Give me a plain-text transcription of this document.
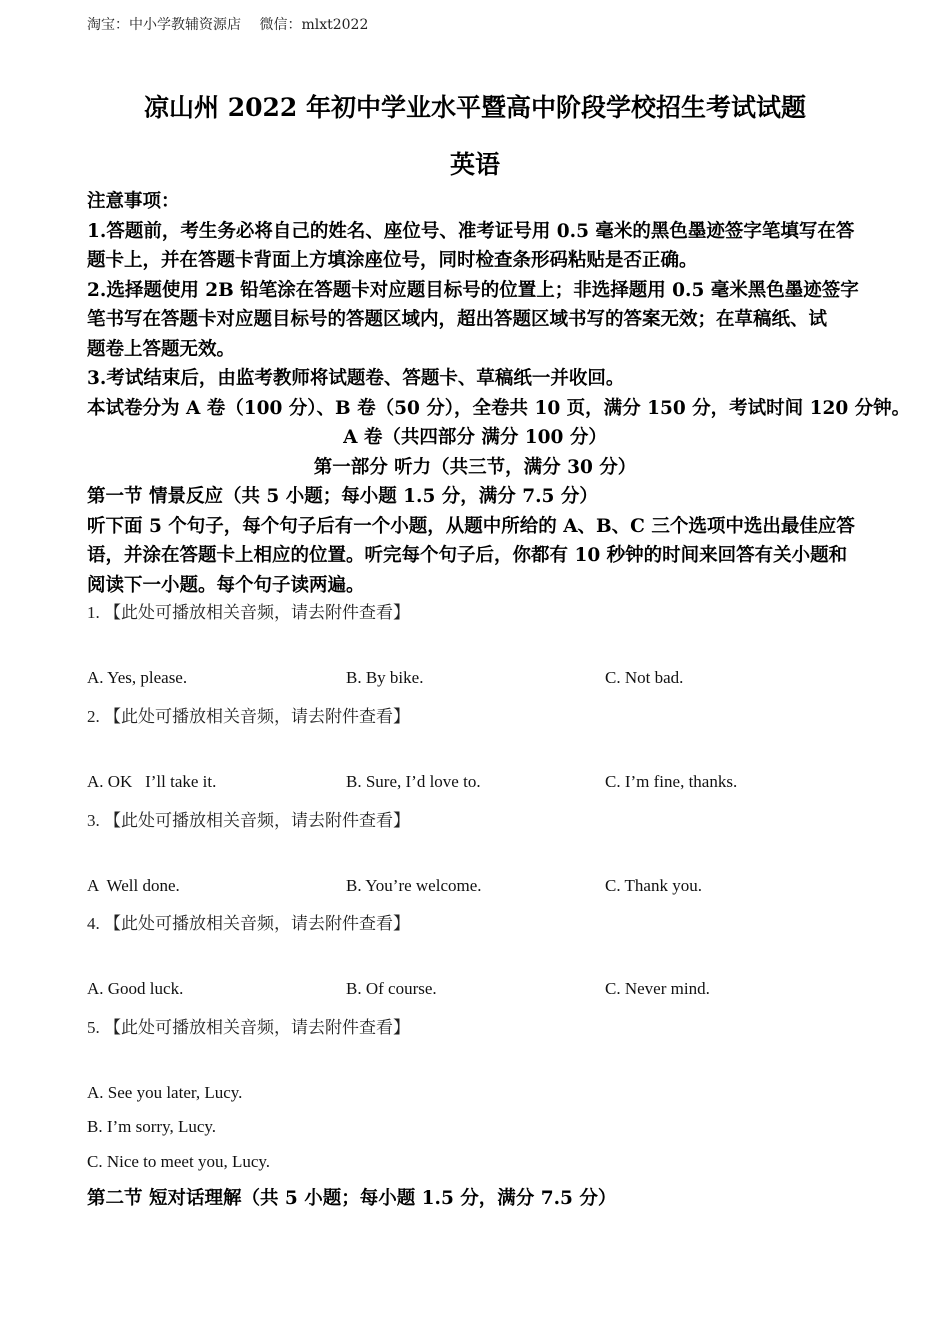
淘宝：中小学教辅资源店 微信：mlxt2022
凉山州 2022 年初中学业水平暨高中阶段学校招生考试试题
英语

注意事项：

1.答题前，考生务必将自己的姓名、座位号、准考证号用 0.5 毫米的黑色墨迹签字笔填写在答

题卡上，并在答题卡背面上方填涂座位号，同时检查条形码粘贴是否正确。

2.选择题使用 2B 铅笔涂在答题卡对应题目标号的位置上；非选择题用 0.5 毫米黑色墨迹签字

笔书写在答题卡对应题目标号的答题区域内，超出答题区域书写的答案无效；在草稿纸、试

题卷上答题无效。

3.考试结束后，由监考教师将试题卷、答题卡、草稿纸一并收回。

本试卷分为 A 卷（100 分）、B 卷（50 分），全卷共 10 页，满分 150 分，考试时间 120 分钟。

A 卷（共四部分 满分 100 分）

第一部分 听力（共三节，满分 30 分）

第一节 情景反应（共 5 小题；每小题 1.5 分，满分 7.5 分）

听下面 5 个句子，每个句子后有一个小题，从题中所给的 A、B、C 三个选项中选出最佳应答

语，并涂在答题卡上相应的位置。听完每个句子后，你都有 10 秒钟的时间来回答有关小题和

阅读下一小题。每个句子读两遍。

1. 【此处可播放相关音频，请去附件查看】
A. Yes, please.	B. By bike.	C. Not bad.
2. 【此处可播放相关音频，请去附件查看】
A. OK   I’ll take it.	B. Sure, I’d love to.	C. I’m fine, thanks.
3. 【此处可播放相关音频，请去附件查看】
A  Well done.	B. You’re welcome.	C. Thank you.
4. 【此处可播放相关音频，请去附件查看】
A. Good luck.	B. Of course.	C. Never mind.
5. 【此处可播放相关音频，请去附件查看】
A. See you later, Lucy.
B. I’m sorry, Lucy.
C. Nice to meet you, Lucy.
第二节 短对话理解（共 5 小题；每小题 1.5 分，满分 7.5 分）
